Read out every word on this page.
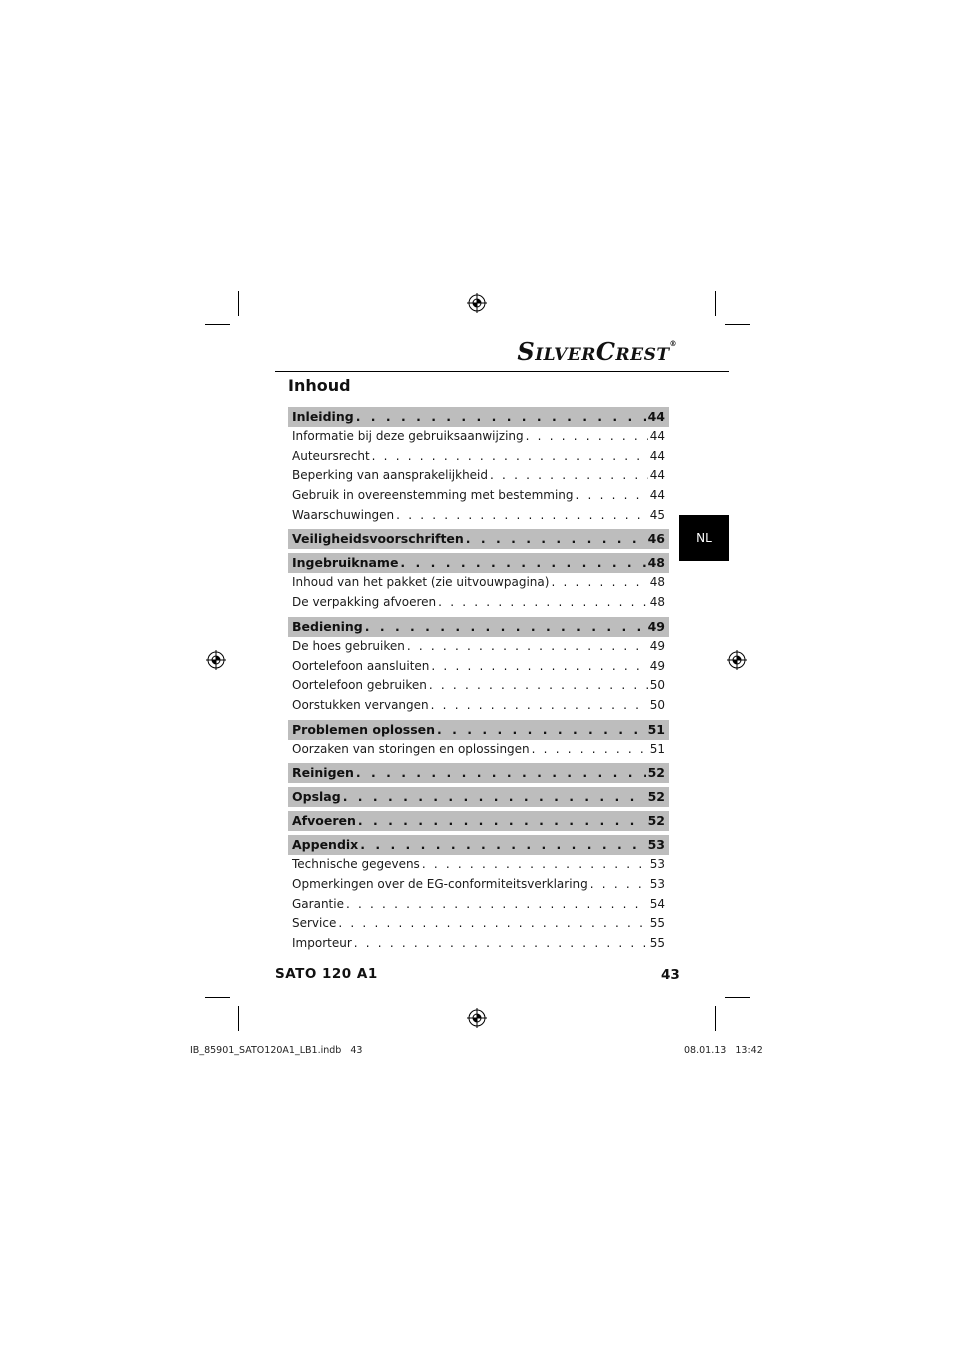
SILVERCREST®
Inhoud
NL
Inleiding . . .	44
Informatie bij deze gebruiksaanwijzing . . .	44
Auteursrecht . . .	44
Beperking van aansprakelijkheid . . .	44
Gebruik in overeenstemming met bestemming . . .	44
Waarschuwingen . . .	45
Veiligheidsvoorschriften . . .	46
Ingebruikname . . .	48
Inhoud van het pakket (zie uitvouwpagina) . . .	48
De verpakking afvoeren . . .	48
Bediening . . .	49
De hoes gebruiken . . .	49
Oortelefoon aansluiten . . .	49
Oortelefoon gebruiken . . .	50
Oorstukken vervangen . . .	50
Problemen oplossen . . .	51
Oorzaken van storingen en oplossingen . . .	51
Reinigen . . .	52
Opslag . . .	52
Afvoeren . . .	52
Appendix . . .	53
Technische gegevens . . .	53
Opmerkingen over de EG-conformiteitsverklaring . . .	53
Garantie . . .	54
Service . . .	55
Importeur . . .	55
SATO 120 A1	43
IB_85901_SATO120A1_LB1.indb   43	08.01.13 13:42
